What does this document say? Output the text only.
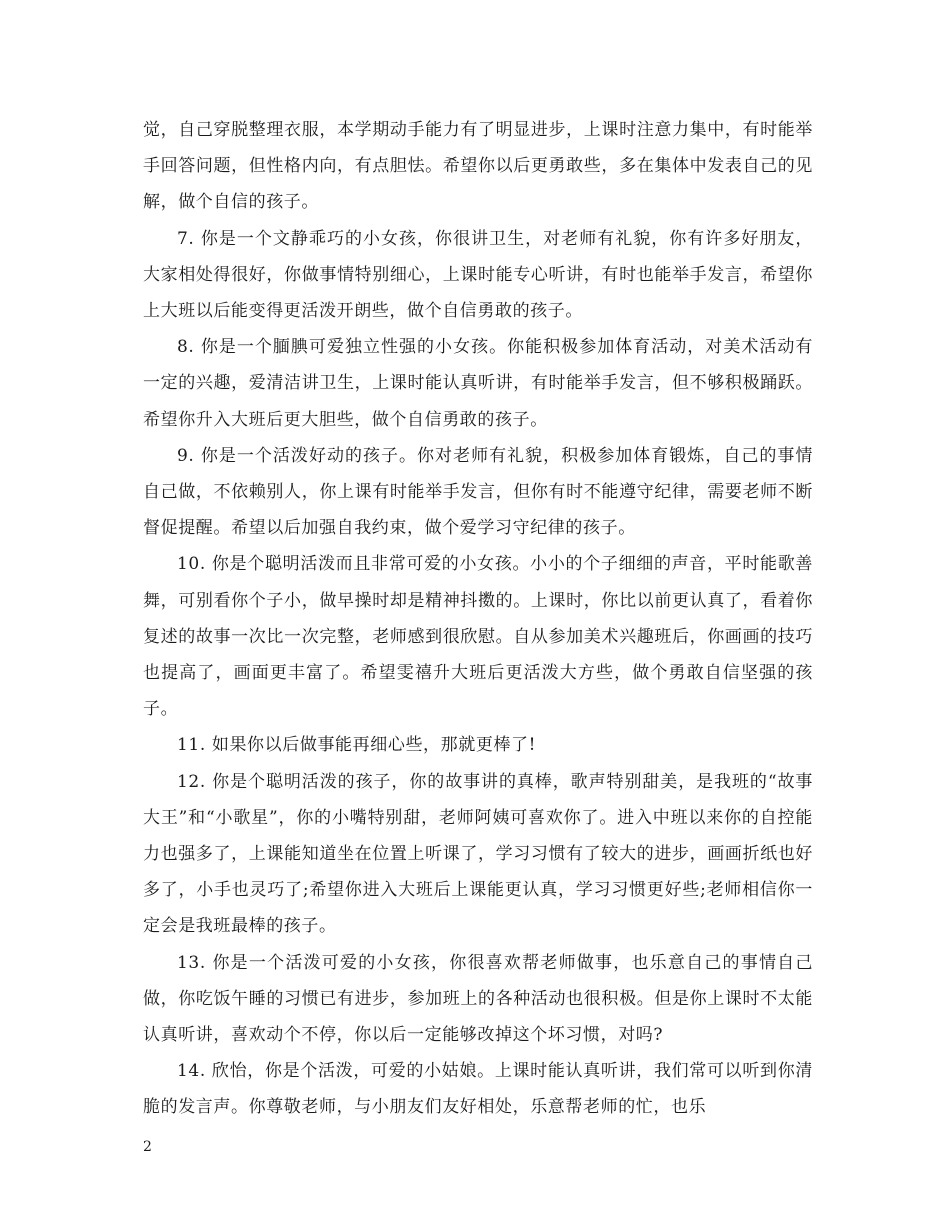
觉，自己穿脱整理衣服，本学期动手能力有了明显进步，上课时注意力集中，有时能举手回答问题，但性格内向，有点胆怯。希望你以后更勇敢些，多在集体中发表自己的见解，做个自信的孩子。

7. 你是一个文静乖巧的小女孩，你很讲卫生，对老师有礼貌，你有许多好朋友，大家相处得很好，你做事情特别细心，上课时能专心听讲，有时也能举手发言，希望你上大班以后能变得更活泼开朗些，做个自信勇敢的孩子。

8. 你是一个腼腆可爱独立性强的小女孩。你能积极参加体育活动，对美术活动有一定的兴趣，爱清洁讲卫生，上课时能认真听讲，有时能举手发言，但不够积极踊跃。希望你升入大班后更大胆些，做个自信勇敢的孩子。

9. 你是一个活泼好动的孩子。你对老师有礼貌，积极参加体育锻炼，自己的事情自己做，不依赖别人，你上课有时能举手发言，但你有时不能遵守纪律，需要老师不断督促提醒。希望以后加强自我约束，做个爱学习守纪律的孩子。

10. 你是个聪明活泼而且非常可爱的小女孩。小小的个子细细的声音，平时能歌善舞，可别看你个子小，做早操时却是精神抖擞的。上课时，你比以前更认真了，看着你复述的故事一次比一次完整，老师感到很欣慰。自从参加美术兴趣班后，你画画的技巧也提高了，画面更丰富了。希望雯禧升大班后更活泼大方些，做个勇敢自信坚强的孩子。

11. 如果你以后做事能再细心些，那就更棒了!

12. 你是个聪明活泼的孩子，你的故事讲的真棒，歌声特别甜美，是我班的“故事大王”和“小歌星”，你的小嘴特别甜，老师阿姨可喜欢你了。进入中班以来你的自控能力也强多了，上课能知道坐在位置上听课了，学习习惯有了较大的进步，画画折纸也好多了，小手也灵巧了;希望你进入大班后上课能更认真，学习习惯更好些;老师相信你一定会是我班最棒的孩子。

13. 你是一个活泼可爱的小女孩，你很喜欢帮老师做事，也乐意自己的事情自己做，你吃饭午睡的习惯已有进步，参加班上的各种活动也很积极。但是你上课时不太能认真听讲，喜欢动个不停，你以后一定能够改掉这个坏习惯，对吗?

14. 欣怡，你是个活泼，可爱的小姑娘。上课时能认真听讲，我们常可以听到你清脆的发言声。你尊敬老师，与小朋友们友好相处，乐意帮老师的忙，也乐

2
